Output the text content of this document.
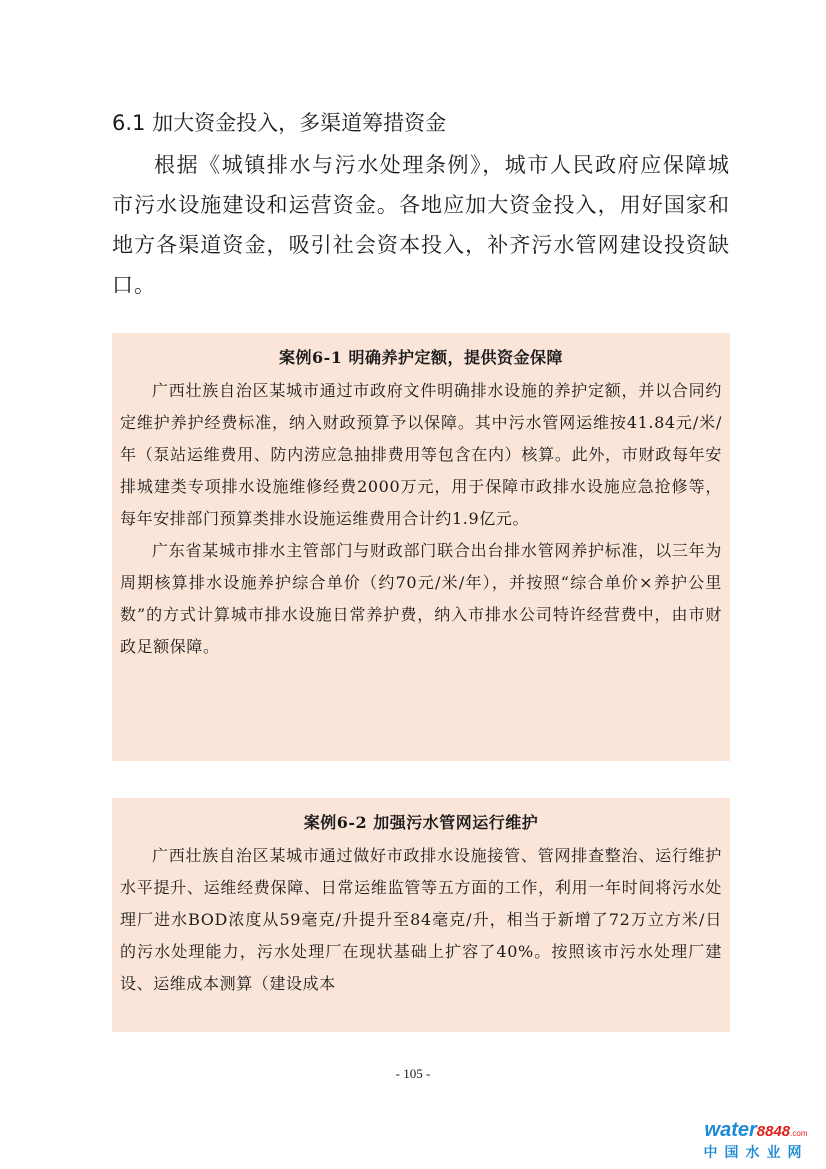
6.1 加大资金投入，多渠道筹措资金

根据《城镇排水与污水处理条例》，城市人民政府应保障城市污水设施建设和运营资金。各地应加大资金投入，用好国家和地方各渠道资金，吸引社会资本投入，补齐污水管网建设投资缺口。

案例6-1 明确养护定额，提供资金保障

广西壮族自治区某城市通过市政府文件明确排水设施的养护定额，并以合同约定维护养护经费标准，纳入财政预算予以保障。其中污水管网运维按41.84元/米/年（泵站运维费用、防内涝应急抽排费用等包含在内）核算。此外，市财政每年安排城建类专项排水设施维修经费2000万元，用于保障市政排水设施应急抢修等，每年安排部门预算类排水设施运维费用合计约1.9亿元。

广东省某城市排水主管部门与财政部门联合出台排水管网养护标准，以三年为周期核算排水设施养护综合单价（约70元/米/年），并按照“综合单价×养护公里数”的方式计算城市排水设施日常养护费，纳入市排水公司特许经营费中，由市财政足额保障。

案例6-2 加强污水管网运行维护

广西壮族自治区某城市通过做好市政排水设施接管、管网排查整治、运行维护水平提升、运维经费保障、日常运维监管等五方面的工作，利用一年时间将污水处理厂进水BOD浓度从59毫克/升提升至84毫克/升，相当于新增了72万立方米/日的污水处理能力，污水处理厂在现状基础上扩容了40%。按照该市污水处理厂建设、运维成本测算（建设成本

- 105 -
water8848.com
中国水业网
